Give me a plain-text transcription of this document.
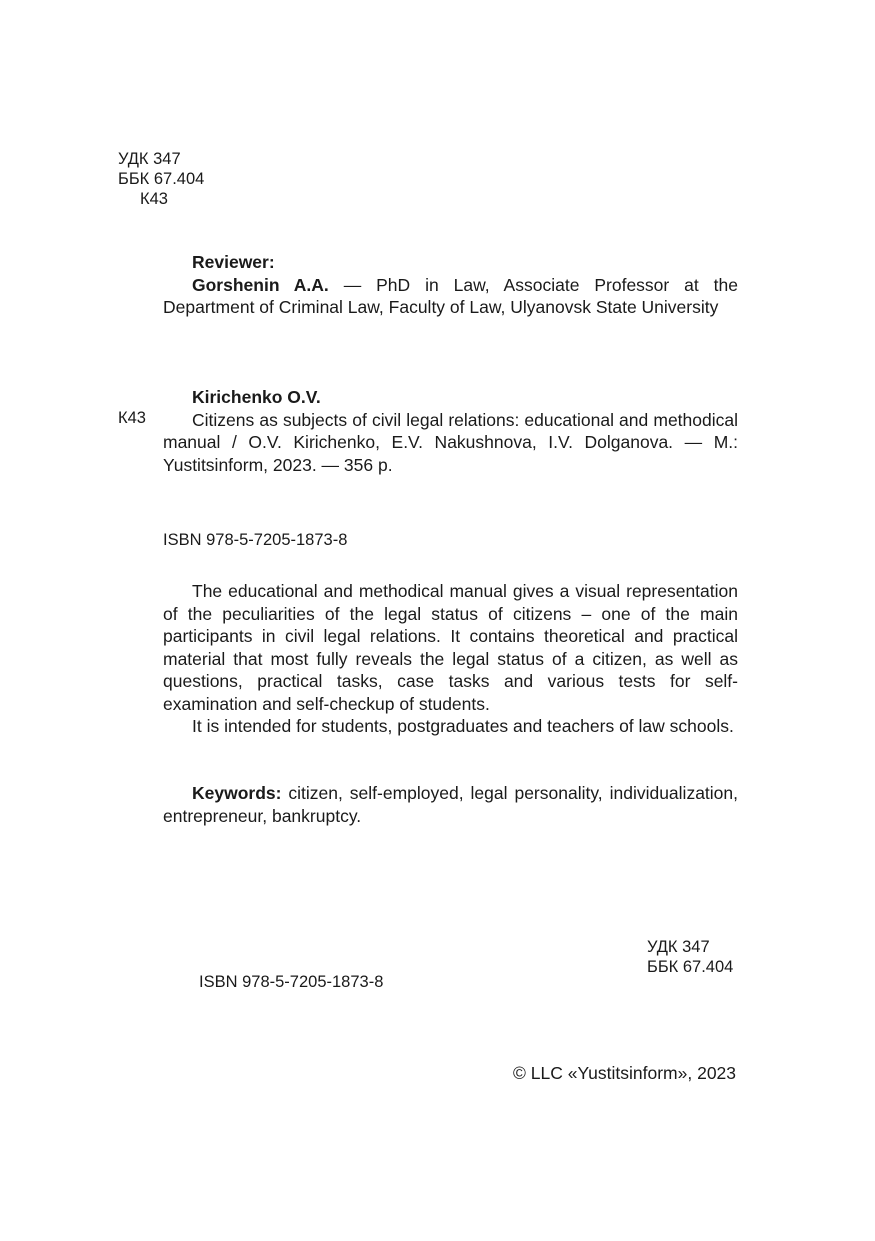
УДК 347
ББК 67.404
К43

Reviewer:

Gorshenin A.A. — PhD in Law, Associate Professor at the Department of Criminal Law, Faculty of Law, Ulyanovsk State University

К43

Kirichenko O.V.

Citizens as subjects of civil legal relations: educational and methodical manual / O.V. Kirichenko, E.V. Nakushnova, I.V. Dolganova. — M.: Yustitsinform, 2023. — 356 p.

ISBN 978-5-7205-1873-8

The educational and methodical manual gives a visual representation of the peculiarities of the legal status of citizens – one of the main participants in civil legal relations. It contains theoretical and practical material that most fully reveals the legal status of a citizen, as well as questions, practical tasks, case tasks and various tests for self-examination and self-checkup of students.

It is intended for students, postgraduates and teachers of law schools.

Keywords: citizen, self-employed, legal personality, individualization, entrepreneur, bankruptcy.

УДК 347
ББК 67.404
ISBN 978-5-7205-1873-8
© LLC «Yustitsinform», 2023
